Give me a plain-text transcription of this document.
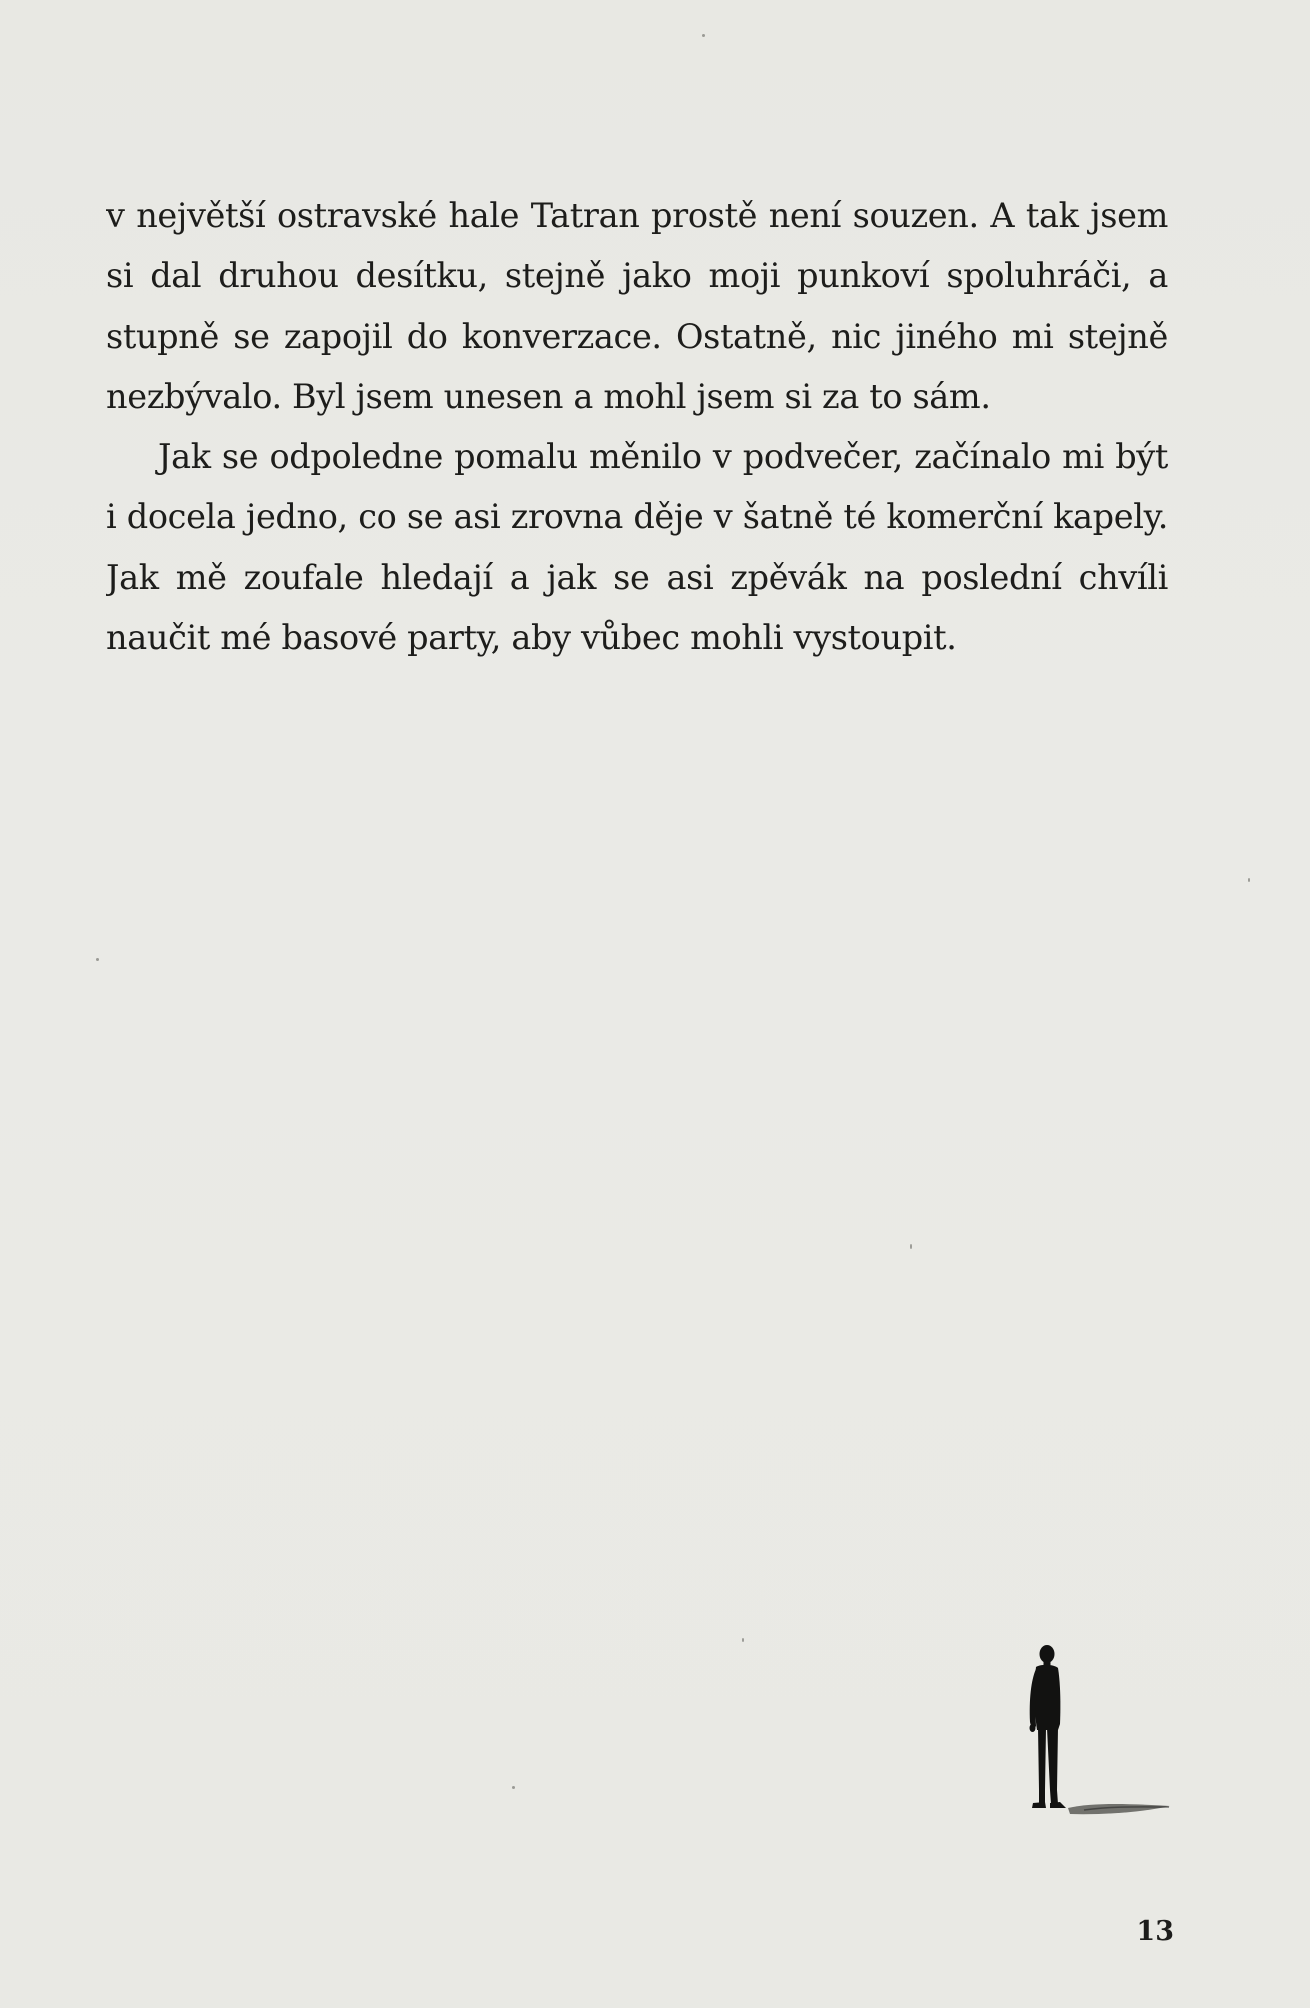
v největší ostravské hale Tatran prostě není souzen. A tak jsem
si dal druhou desítku, stejně jako moji punkoví spoluhráči, a
stupně se zapojil do konverzace. Ostatně, nic jiného mi stejně
nezbývalo. Byl jsem unesen a mohl jsem si za to sám.
Jak se odpoledne pomalu měnilo v podvečer, začínalo mi být
i docela jedno, co se asi zrovna děje v šatně té komerční kapely.
Jak mě zoufale hledají a jak se asi zpěvák na poslední chvíli
naučit mé basové party, aby vůbec mohli vystoupit.
13
